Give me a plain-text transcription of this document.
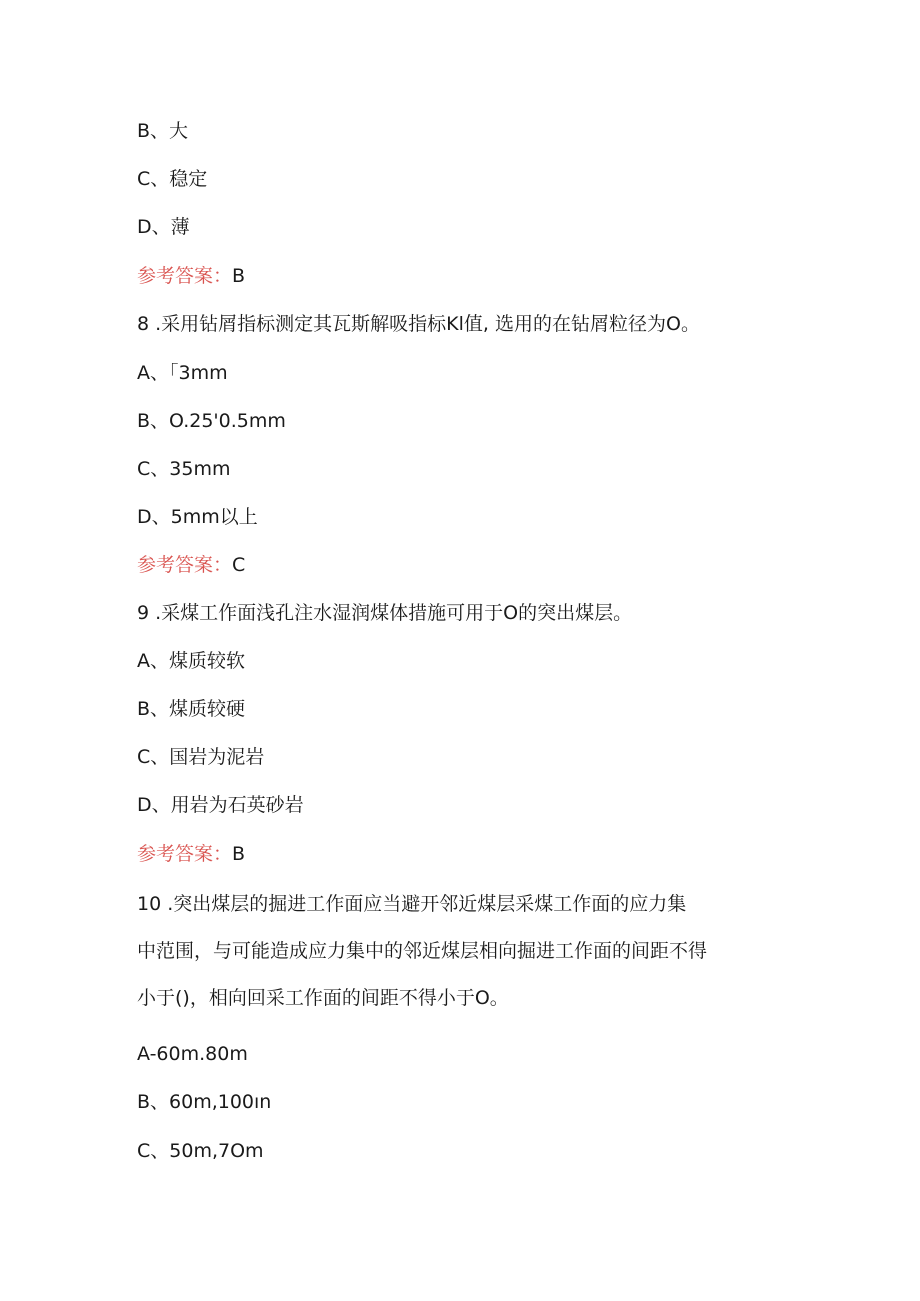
B、大
C、稳定
D、薄
参考答案：B
8 .采用钻屑指标测定其瓦斯解吸指标Kl值, 选用的在钻屑粒径为O。
A、「3mm
B、O.25'0.5mm
C、35mm
D、5mm以上
参考答案：C
9 .采煤工作面浅孔注水湿润煤体措施可用于O的突出煤层。
A、煤质较软
B、煤质较硬
C、国岩为泥岩
D、用岩为石英砂岩
参考答案：B
10 .突出煤层的掘进工作面应当避开邻近煤层采煤工作面的应力集
中范围，与可能造成应力集中的邻近煤层相向掘进工作面的间距不得
小于()，相向回采工作面的间距不得小于O。
A-60m.80m
B、60m,100ın
C、50m,7Om
